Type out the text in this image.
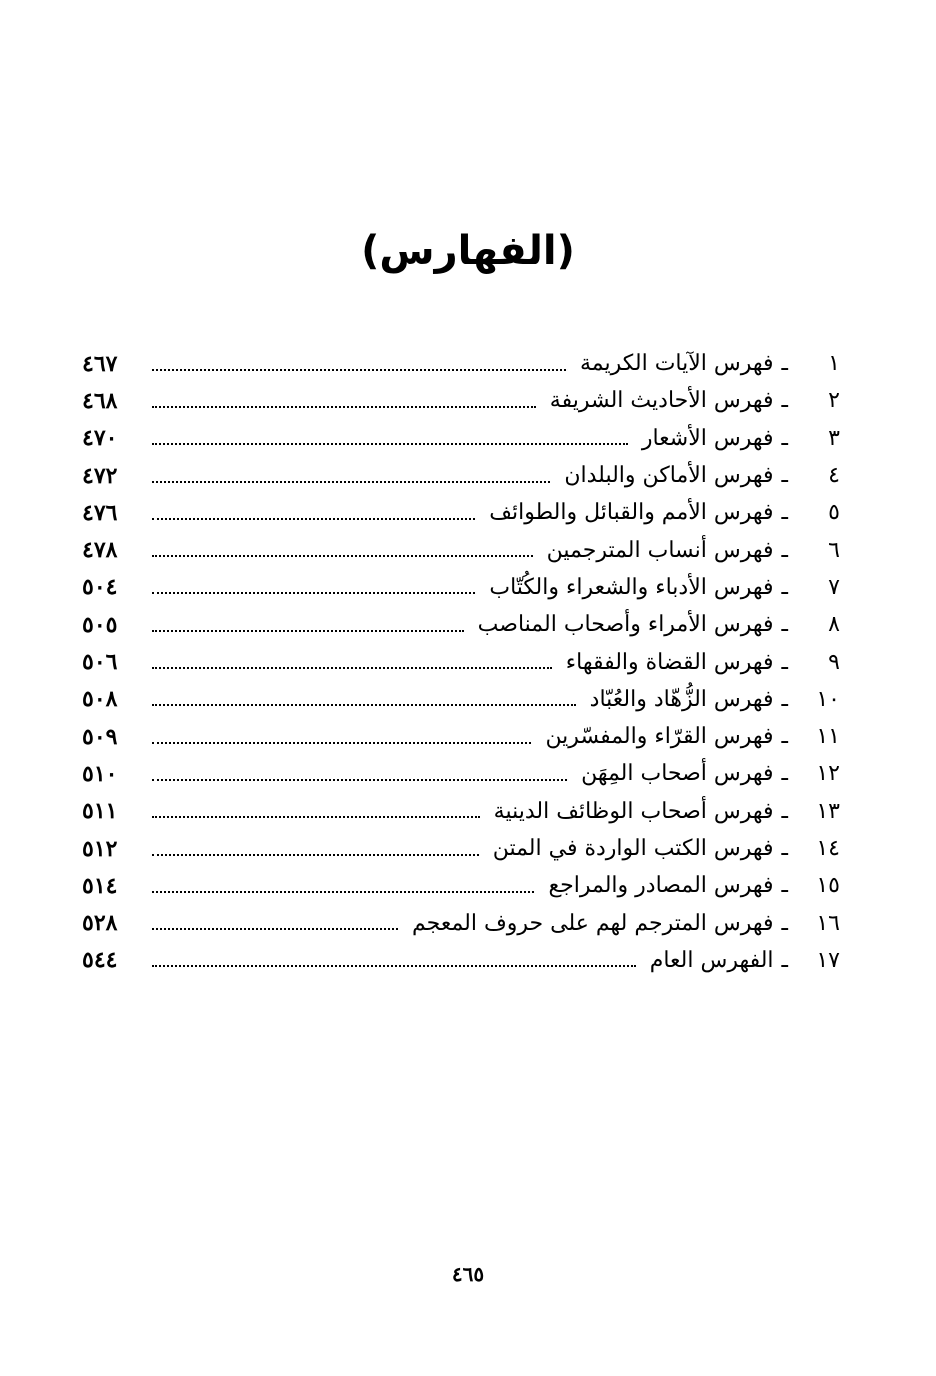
(الفهارس)
١
ـ
فهرس الآيات الكريمة
٤٦٧
٢
ـ
فهرس الأحاديث الشريفة
٤٦٨
٣
ـ
فهرس الأشعار
٤٧٠
٤
ـ
فهرس الأماكن والبلدان
٤٧٢
٥
ـ
فهرس الأمم والقبائل والطوائف
٤٧٦
٦
ـ
فهرس أنساب المترجمين
٤٧٨
٧
ـ
فهرس الأدباء والشعراء والكُتّاب
٥٠٤
٨
ـ
فهرس الأمراء وأصحاب المناصب
٥٠٥
٩
ـ
فهرس القضاة والفقهاء
٥٠٦
١٠
ـ
فهرس الزُّهّاد والعُبّاد
٥٠٨
١١
ـ
فهرس القرّاء والمفسّرين
٥٠٩
١٢
ـ
فهرس أصحاب المِهَن
٥١٠
١٣
ـ
فهرس أصحاب الوظائف الدينية
٥١١
١٤
ـ
فهرس الكتب الواردة في المتن
٥١٢
١٥
ـ
فهرس المصادر والمراجع
٥١٤
١٦
ـ
فهرس المترجم لهم على حروف المعجم
٥٢٨
١٧
ـ
الفهرس العام
٥٤٤
٤٦٥
